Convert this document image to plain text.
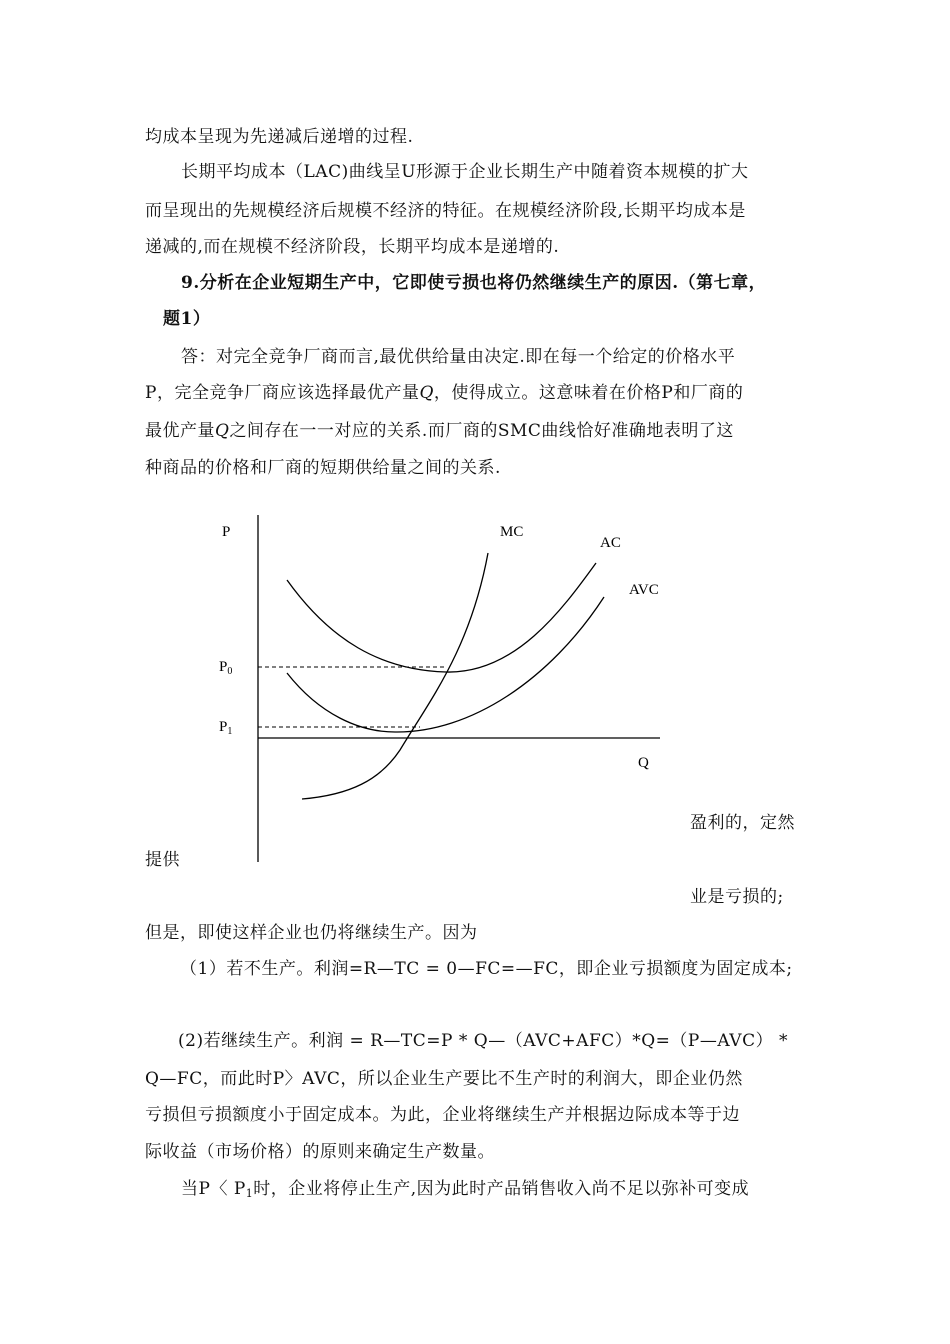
均成本呈现为先递减后递增的过程.
长期平均成本（LAC)曲线呈U形源于企业长期生产中随着资本规模的扩大
而呈现出的先规模经济后规模不经济的特征。在规模经济阶段,长期平均成本是
递减的,而在规模不经济阶段，长期平均成本是递增的.
9.分析在企业短期生产中，它即使亏损也将仍然继续生产的原因.（第七章，
题1）
答：对完全竞争厂商而言,最优供给量由决定.即在每一个给定的价格水平
P，完全竞争厂商应该选择最优产量Q，使得成立。这意味着在价格P和厂商的
最优产量Q之间存在一一对应的关系.而厂商的SMC曲线恰好准确地表明了这
种商品的价格和厂商的短期供给量之间的关系.
P
Q
MC
AC
AVC
$P_0$
$P_1$
盈利的，定然
提供
业是亏损的;
但是，即使这样企业也仍将继续生产。因为
（1）若不生产。利润=R—TC = 0—FC=—FC，即企业亏损额度为固定成本;
(2)若继续生产。利润 = R—TC=P * Q—（AVC+AFC）*Q=（P—AVC） *
Q—FC，而此时P〉AVC，所以企业生产要比不生产时的利润大，即企业仍然
亏损但亏损额度小于固定成本。为此，企业将继续生产并根据边际成本等于边
际收益（市场价格）的原则来确定生产数量。
当P〈 $P_1$时，企业将停止生产,因为此时产品销售收入尚不足以弥补可变成
